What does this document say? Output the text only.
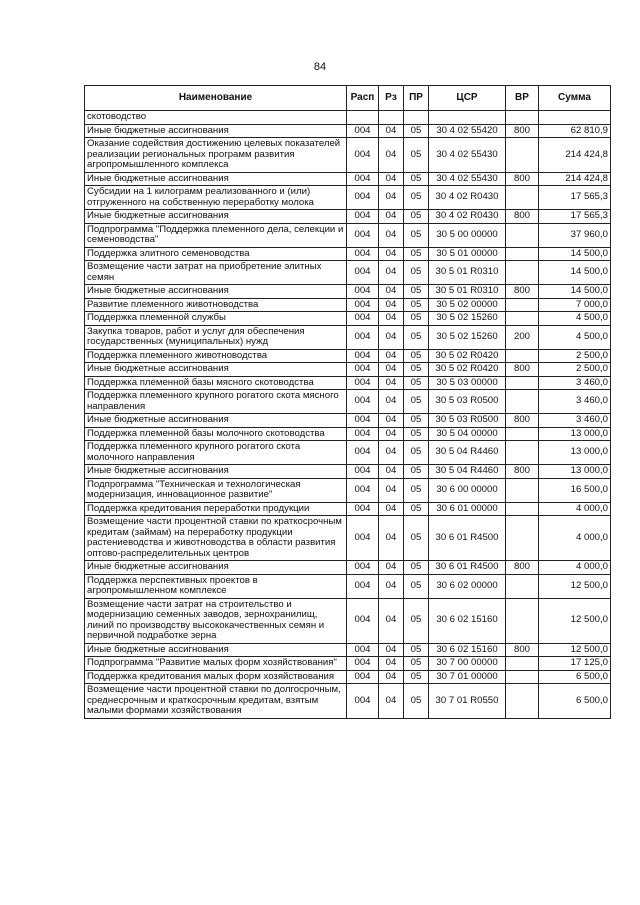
84
Наименование	Расп	Рз	ПР	ЦСР	ВР	Сумма
скотоводство						
Иные бюджетные ассигнования	004	04	05	30 4 02 55420	800	62 810,9
Оказание содействия достижению целевых показателей реализации региональных программ развития агропромышленного комплекса	004	04	05	30 4 02 55430		214 424,8
Иные бюджетные ассигнования	004	04	05	30 4 02 55430	800	214 424,8
Субсидии на 1 килограмм реализованного и (или) отгруженного на собственную переработку молока	004	04	05	30 4 02 R0430		17 565,3
Иные бюджетные ассигнования	004	04	05	30 4 02 R0430	800	17 565,3
Подпрограмма "Поддержка племенного дела, селекции и семеноводства"	004	04	05	30 5 00 00000		37 960,0
Поддержка элитного семеноводства	004	04	05	30 5 01 00000		14 500,0
Возмещение части затрат на приобретение элитных семян	004	04	05	30 5 01 R0310		14 500,0
Иные бюджетные ассигнования	004	04	05	30 5 01 R0310	800	14 500,0
Развитие племенного животноводства	004	04	05	30 5 02 00000		7 000,0
Поддержка племенной службы	004	04	05	30 5 02 15260		4 500,0
Закупка товаров, работ и услуг для обеспечения государственных (муниципальных) нужд	004	04	05	30 5 02 15260	200	4 500,0
Поддержка племенного животноводства	004	04	05	30 5 02 R0420		2 500,0
Иные бюджетные ассигнования	004	04	05	30 5 02 R0420	800	2 500,0
Поддержка племенной базы мясного скотоводства	004	04	05	30 5 03 00000		3 460,0
Поддержка племенного крупного рогатого скота мясного направления	004	04	05	30 5 03 R0500		3 460,0
Иные бюджетные ассигнования	004	04	05	30 5 03 R0500	800	3 460,0
Поддержка племенной базы молочного скотоводства	004	04	05	30 5 04 00000		13 000,0
Поддержка племенного крупного рогатого скота молочного направления	004	04	05	30 5 04 R4460		13 000,0
Иные бюджетные ассигнования	004	04	05	30 5 04 R4460	800	13 000,0
Подпрограмма "Техническая и технологическая модернизация, инновационное развитие"	004	04	05	30 6 00 00000		16 500,0
Поддержка кредитования переработки продукции	004	04	05	30 6 01 00000		4 000,0
Возмещение части процентной ставки по краткосрочным кредитам (займам) на переработку продукции растениеводства и животноводства в области развития оптово-распределительных центров	004	04	05	30 6 01 R4500		4 000,0
Иные бюджетные ассигнования	004	04	05	30 6 01 R4500	800	4 000,0
Поддержка перспективных проектов в агропромышленном комплексе	004	04	05	30 6 02 00000		12 500,0
Возмещение части затрат на строительство и модернизацию семенных заводов, зернохранилищ, линий по производству высококачественных семян и первичной подработке зерна	004	04	05	30 6 02 15160		12 500,0
Иные бюджетные ассигнования	004	04	05	30 6 02 15160	800	12 500,0
Подпрограмма "Развитие малых форм хозяйствования"	004	04	05	30 7 00 00000		17 125,0
Поддержка кредитования малых форм хозяйствования	004	04	05	30 7 01 00000		6 500,0
Возмещение части процентной ставки по долгосрочным, среднесрочным и краткосрочным кредитам, взятым малыми формами хозяйствования	004	04	05	30 7 01 R0550		6 500,0
